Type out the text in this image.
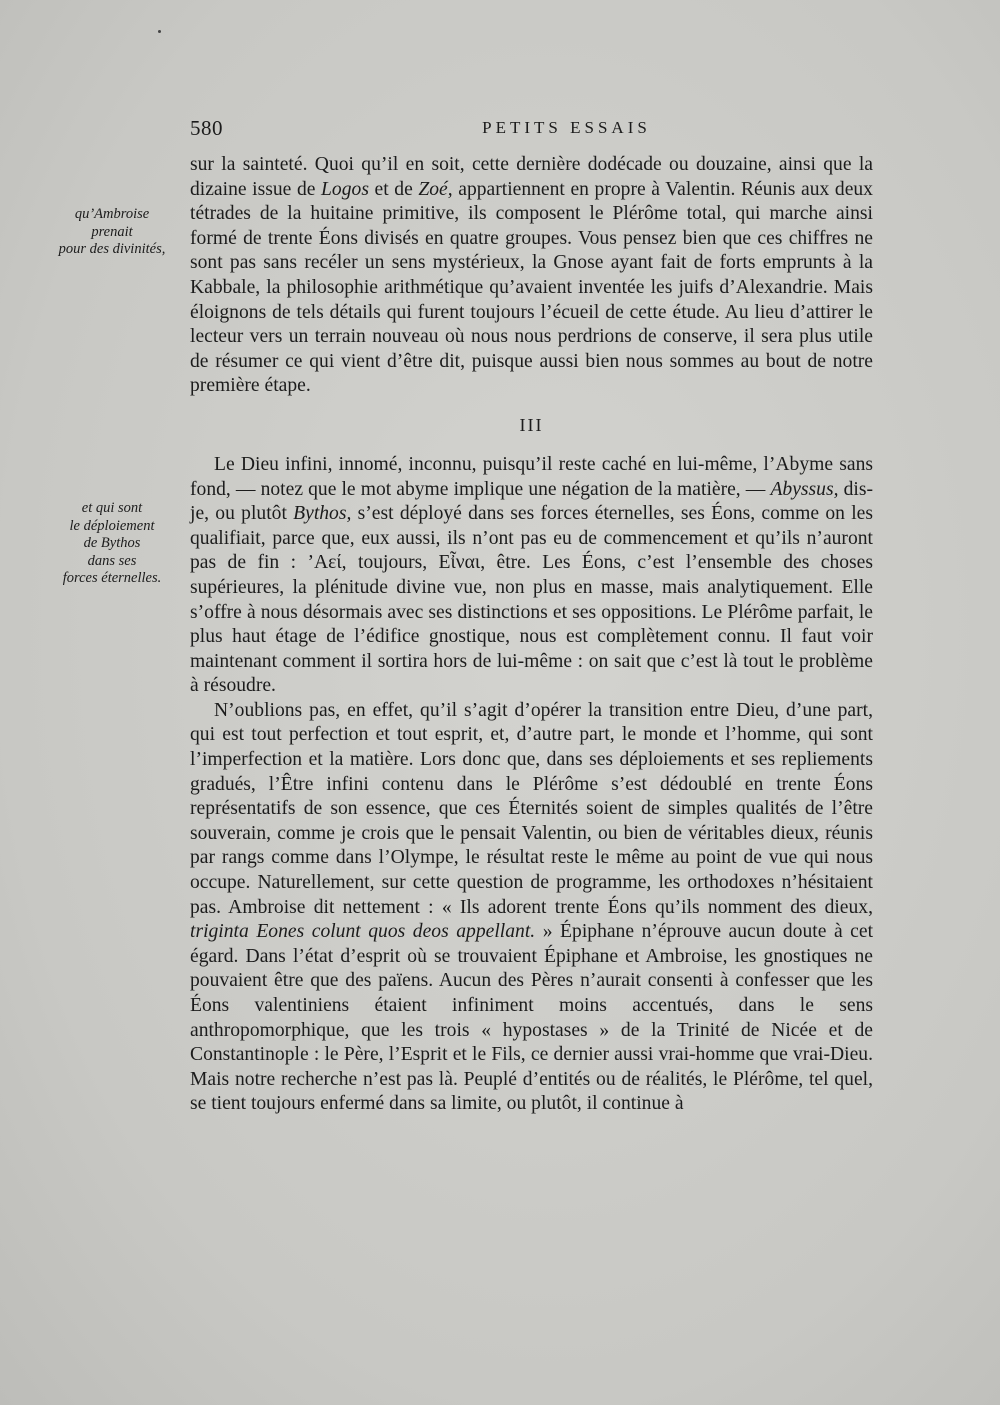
580	PETITS ESSAIS
qu’Ambroise
prenait
pour des divinités,
et qui sont
le déploiement
de Bythos
dans ses
forces éternelles.

sur la sainteté. Quoi qu’il en soit, cette dernière dodécade ou douzaine, ainsi que la dizaine issue de Logos et de Zoé, appartiennent en propre à Valentin. Réunis aux deux tétrades de la huitaine primitive, ils composent le Plérôme total, qui marche ainsi formé de trente Éons divisés en quatre groupes. Vous pensez bien que ces chiffres ne sont pas sans recéler un sens mystérieux, la Gnose ayant fait de forts emprunts à la Kabbale, la philosophie arithmétique qu’avaient inventée les juifs d’Alexandrie. Mais éloignons de tels détails qui furent toujours l’écueil de cette étude. Au lieu d’attirer le lecteur vers un terrain nouveau où nous nous perdrions de conserve, il sera plus utile de résumer ce qui vient d’être dit, puisque aussi bien nous sommes au bout de notre première étape.

III

Le Dieu infini, innomé, inconnu, puisqu’il reste caché en lui-même, l’Abyme sans fond, — notez que le mot abyme implique une négation de la matière, — Abyssus, dis-je, ou plutôt Bythos, s’est déployé dans ses forces éternelles, ses Éons, comme on les qualifiait, parce que, eux aussi, ils n’ont pas eu de commencement et qu’ils n’auront pas de fin : ’Αεί, toujours, Εἶναι, être. Les Éons, c’est l’ensemble des choses supérieures, la plénitude divine vue, non plus en masse, mais analytiquement. Elle s’offre à nous désormais avec ses distinctions et ses oppositions. Le Plérôme parfait, le plus haut étage de l’édifice gnostique, nous est complètement connu. Il faut voir maintenant comment il sortira hors de lui-même : on sait que c’est là tout le problème à résoudre.

N’oublions pas, en effet, qu’il s’agit d’opérer la transition entre Dieu, d’une part, qui est tout perfection et tout esprit, et, d’autre part, le monde et l’homme, qui sont l’imperfection et la matière. Lors donc que, dans ses déploiements et ses repliements gradués, l’Être infini contenu dans le Plérôme s’est dédoublé en trente Éons représentatifs de son essence, que ces Éternités soient de simples qualités de l’être souverain, comme je crois que le pensait Valentin, ou bien de véritables dieux, réunis par rangs comme dans l’Olympe, le résultat reste le même au point de vue qui nous occupe. Naturellement, sur cette question de programme, les orthodoxes n’hésitaient pas. Ambroise dit nettement : « Ils adorent trente Éons qu’ils nomment des dieux, triginta Eones colunt quos deos appellant. » Épiphane n’éprouve aucun doute à cet égard. Dans l’état d’esprit où se trouvaient Épiphane et Ambroise, les gnostiques ne pouvaient être que des païens. Aucun des Pères n’aurait consenti à confesser que les Éons valentiniens étaient infiniment moins accentués, dans le sens anthropomorphique, que les trois « hypostases » de la Trinité de Nicée et de Constantinople : le Père, l’Esprit et le Fils, ce dernier aussi vrai-homme que vrai-Dieu. Mais notre recherche n’est pas là. Peuplé d’entités ou de réalités, le Plérôme, tel quel, se tient toujours enfermé dans sa limite, ou plutôt, il continue à
